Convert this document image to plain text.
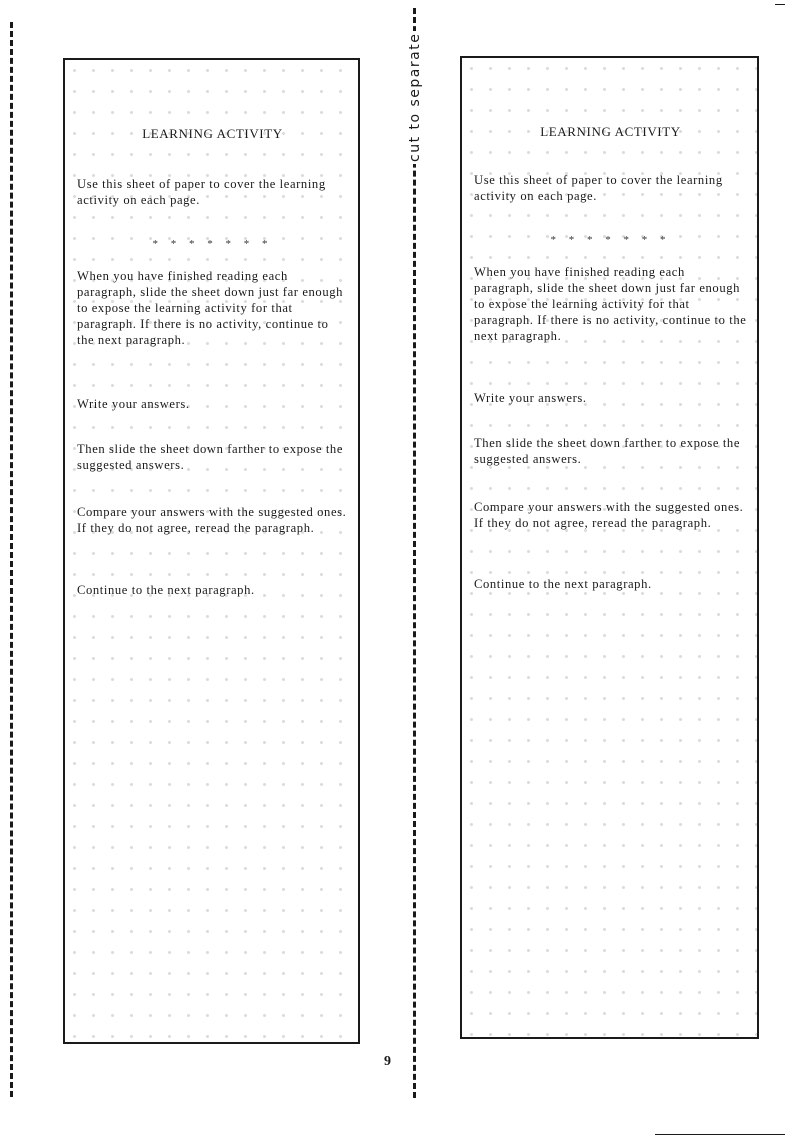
cut to separate
LEARNING ACTIVITY

Use this sheet of paper to cover the learning activity on each page.

* * * * * * *

When you have finished reading each paragraph, slide the sheet down just far enough to expose the learning activity for that paragraph. If there is no activity, continue to the next paragraph.

Write your answers.

Then slide the sheet down farther to expose the suggested answers.

Compare your answers with the suggested ones. If they do not agree, reread the paragraph.

Continue to the next paragraph.

LEARNING ACTIVITY

Use this sheet of paper to cover the learning activity on each page.

* * * * * * *

When you have finished reading each paragraph, slide the sheet down just far enough to expose the learning activity for that paragraph. If there is no activity, continue to the next paragraph.

Write your answers.

Then slide the sheet down farther to expose the suggested answers.

Compare your answers with the suggested ones. If they do not agree, reread the paragraph.

Continue to the next paragraph.

9
